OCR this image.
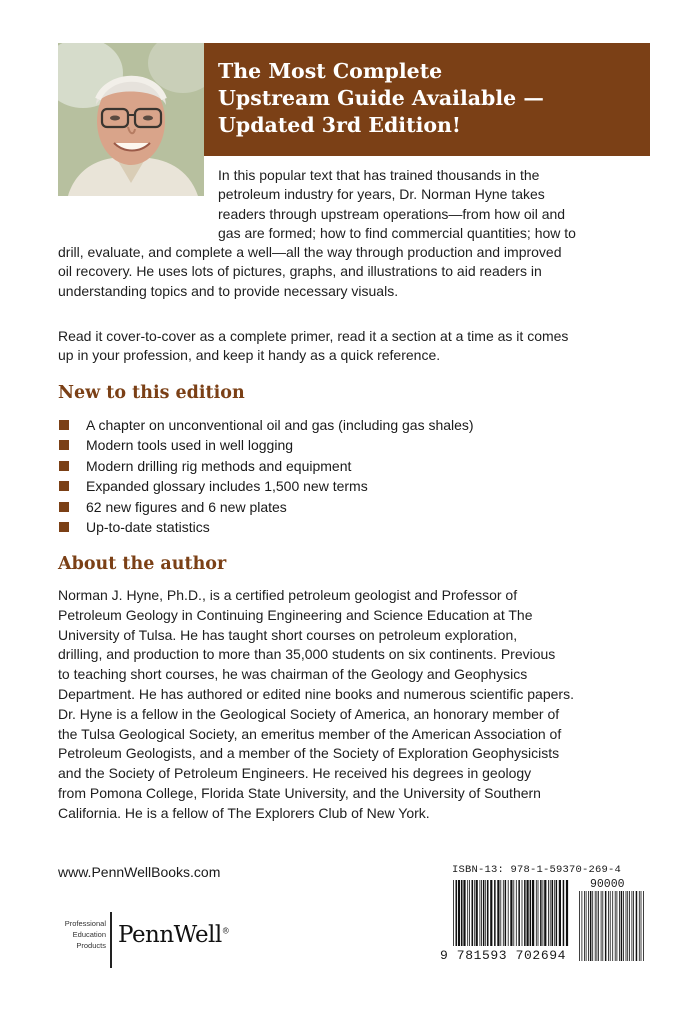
The Most Complete
Upstream Guide Available —
Updated 3rd Edition!
In this popular text that has trained thousands in the
petroleum industry for years, Dr. Norman Hyne takes
readers through upstream operations—from how oil and
gas are formed; how to find commercial quantities; how to
drill, evaluate, and complete a well—all the way through production and improved
oil recovery. He uses lots of pictures, graphs, and illustrations to aid readers in
understanding topics and to provide necessary visuals.
Read it cover-to-cover as a complete primer, read it a section at a time as it comes
up in your profession, and keep it handy as a quick reference.
New to this edition
A chapter on unconventional oil and gas (including gas shales)
Modern tools used in well logging
Modern drilling rig methods and equipment
Expanded glossary includes 1,500 new terms
62 new figures and 6 new plates
Up-to-date statistics
About the author
Norman J. Hyne, Ph.D., is a certified petroleum geologist and Professor of
Petroleum Geology in Continuing Engineering and Science Education at The
University of Tulsa. He has taught short courses on petroleum exploration,
drilling, and production to more than 35,000 students on six continents. Previous
to teaching short courses, he was chairman of the Geology and Geophysics
Department. He has authored or edited nine books and numerous scientific papers.
Dr. Hyne is a fellow in the Geological Society of America, an honorary member of
the Tulsa Geological Society, an emeritus member of the American Association of
Petroleum Geologists, and a member of the Society of Exploration Geophysicists
and the Society of Petroleum Engineers. He received his degrees in geology
from Pomona College, Florida State University, and the University of Southern
California. He is a fellow of The Explorers Club of New York.
www.PennWellBooks.com
Professional
Education
Products PennWell®
ISBN-13: 978-1-59370-269-4
90000
9 781593 702694
